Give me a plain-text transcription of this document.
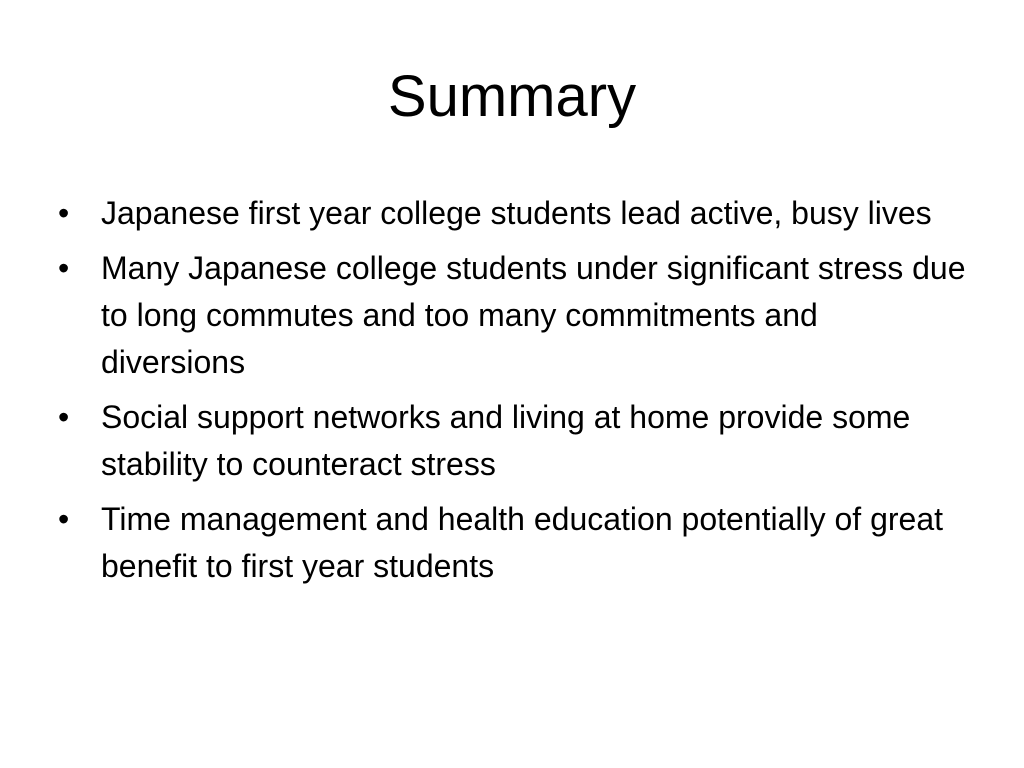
Summary
• Japanese first year college students lead active, busy lives
• Many Japanese college students under significant stress due to long commutes and too many commitments and  diversions
• Social support networks and living at home provide some stability to counteract stress
• Time management and health education potentially of great benefit to first year students
